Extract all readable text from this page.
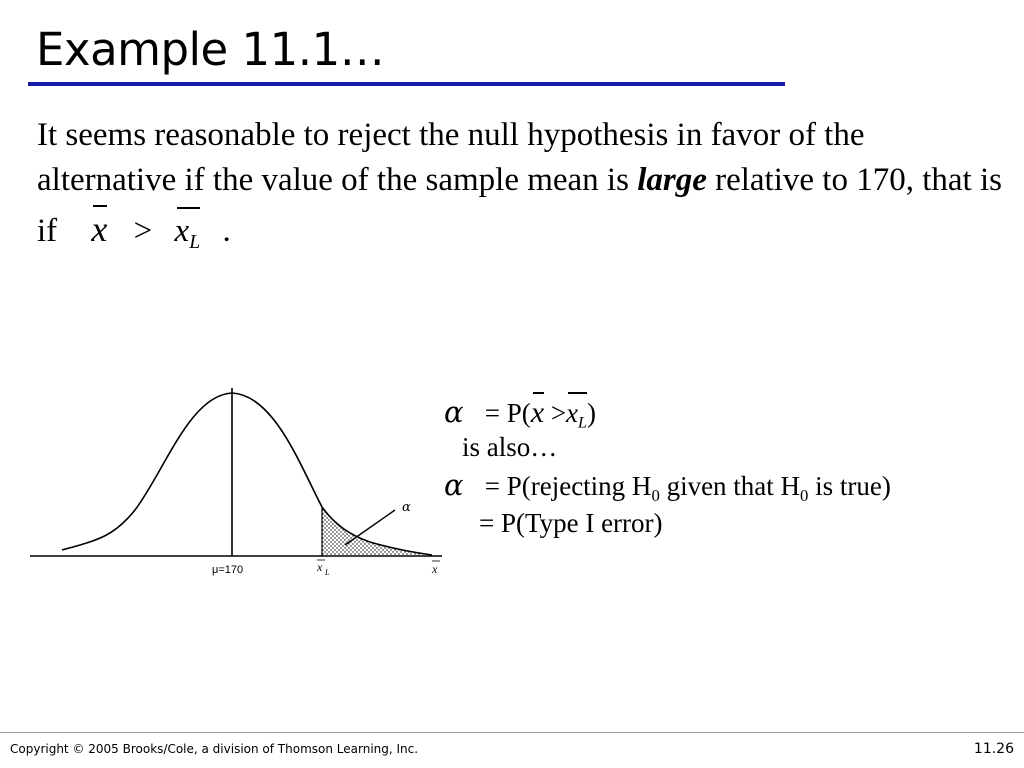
Example 11.1…
It seems reasonable to reject the null hypothesis in favor of the alternative if the value of the sample mean is large relative to 170, that is if $x > x_L$ .
α
μ=170	x L	x
$\alpha = P(x >x_L)$
is also…
α = P(rejecting $H_0$ given that $H_0$ is true)
= P(Type I error)
Copyright © 2005 Brooks/Cole, a division of Thomson Learning, Inc.	11.26
